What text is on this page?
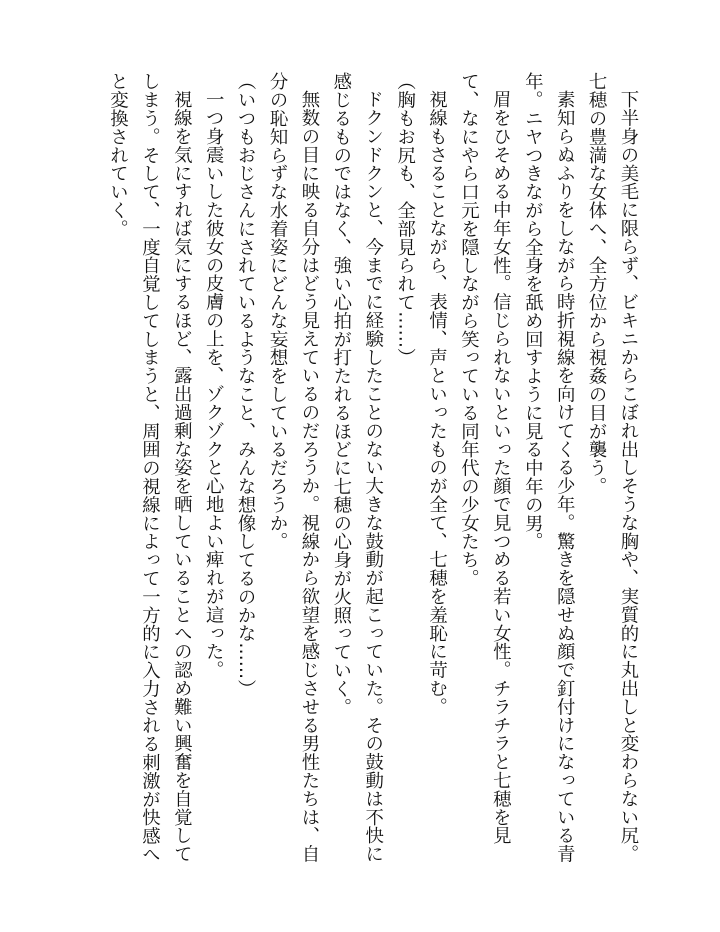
下半身の美毛に限らず、ビキニからこぼれ出しそうな胸や、実質的に丸出しと変わらない尻。
七穂の豊満な女体へ、全方位から視姦の目が襲う。
素知らぬふりをしながら時折視線を向けてくる少年。驚きを隠せぬ顔で釘付けになっている青
年。ニヤつきながら全身を舐め回すように見る中年の男。
眉をひそめる中年女性。信じられないといった顔で見つめる若い女性。チラチラと七穂を見
て、なにやら口元を隠しながら笑っている同年代の少女たち。
視線もさることながら、表情、声といったものが全て、七穂を羞恥に苛む。
（胸もお尻も、全部見られて……）
ドクンドクンと、今までに経験したことのない大きな鼓動が起こっていた。その鼓動は不快に
感じるものではなく、強い心拍が打たれるほどに七穂の心身が火照っていく。
無数の目に映る自分はどう見えているのだろうか。視線から欲望を感じさせる男性たちは、自
分の恥知らずな水着姿にどんな妄想をしているだろうか。
（いつもおじさんにされているようなこと、みんな想像してるのかな……）
一つ身震いした彼女の皮膚の上を、ゾクゾクと心地よい痺れが這った。
視線を気にすれば気にするほど、露出過剰な姿を晒していることへの認め難い興奮を自覚して
しまう。そして、一度自覚してしまうと、周囲の視線によって一方的に入力される刺激が快感へ
と変換されていく。
